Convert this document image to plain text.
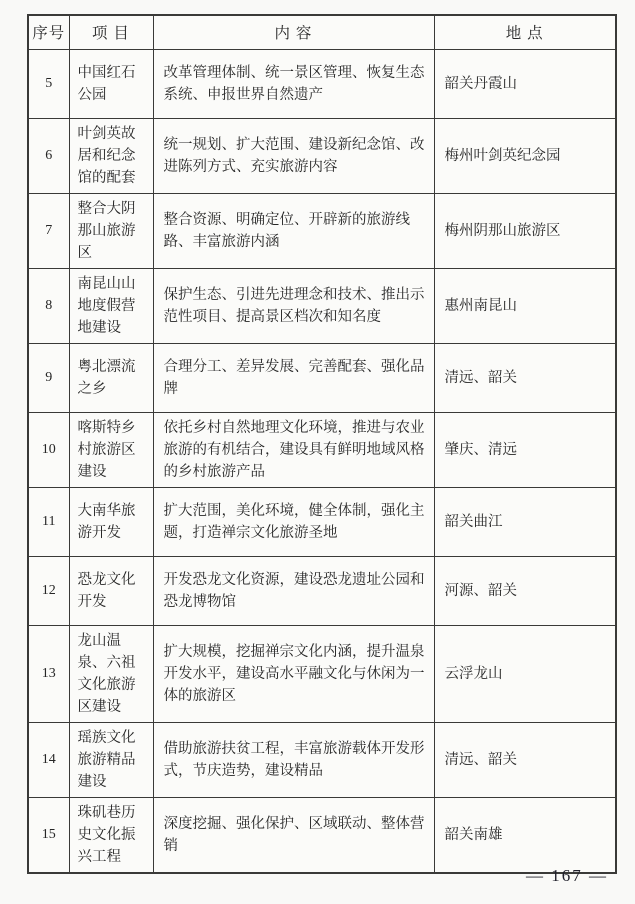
序号	项 目	内 容	地 点
5	中国红石公园	改革管理体制、统一景区管理、恢复生态系统、申报世界自然遗产	韶关丹霞山
6	叶剑英故居和纪念馆的配套	统一规划、扩大范围、建设新纪念馆、改进陈列方式、充实旅游内容	梅州叶剑英纪念园
7	整合大阴那山旅游区	整合资源、明确定位、开辟新的旅游线路、丰富旅游内涵	梅州阴那山旅游区
8	南昆山山地度假营地建设	保护生态、引进先进理念和技术、推出示范性项目、提高景区档次和知名度	惠州南昆山
9	粤北漂流之乡	合理分工、差异发展、完善配套、强化品牌	清远、韶关
10	喀斯特乡村旅游区建设	依托乡村自然地理文化环境，推进与农业旅游的有机结合，建设具有鲜明地域风格的乡村旅游产品	肇庆、清远
11	大南华旅游开发	扩大范围，美化环境，健全体制，强化主题，打造禅宗文化旅游圣地	韶关曲江
12	恐龙文化开发	开发恐龙文化资源，建设恐龙遗址公园和恐龙博物馆	河源、韶关
13	龙山温泉、六祖文化旅游区建设	扩大规模，挖掘禅宗文化内涵，提升温泉开发水平，建设高水平融文化与休闲为一体的旅游区	云浮龙山
14	瑶族文化旅游精品建设	借助旅游扶贫工程，丰富旅游载体开发形式，节庆造势，建设精品	清远、韶关
15	珠矶巷历史文化振兴工程	深度挖掘、强化保护、区域联动、整体营销	韶关南雄
— 167 —
